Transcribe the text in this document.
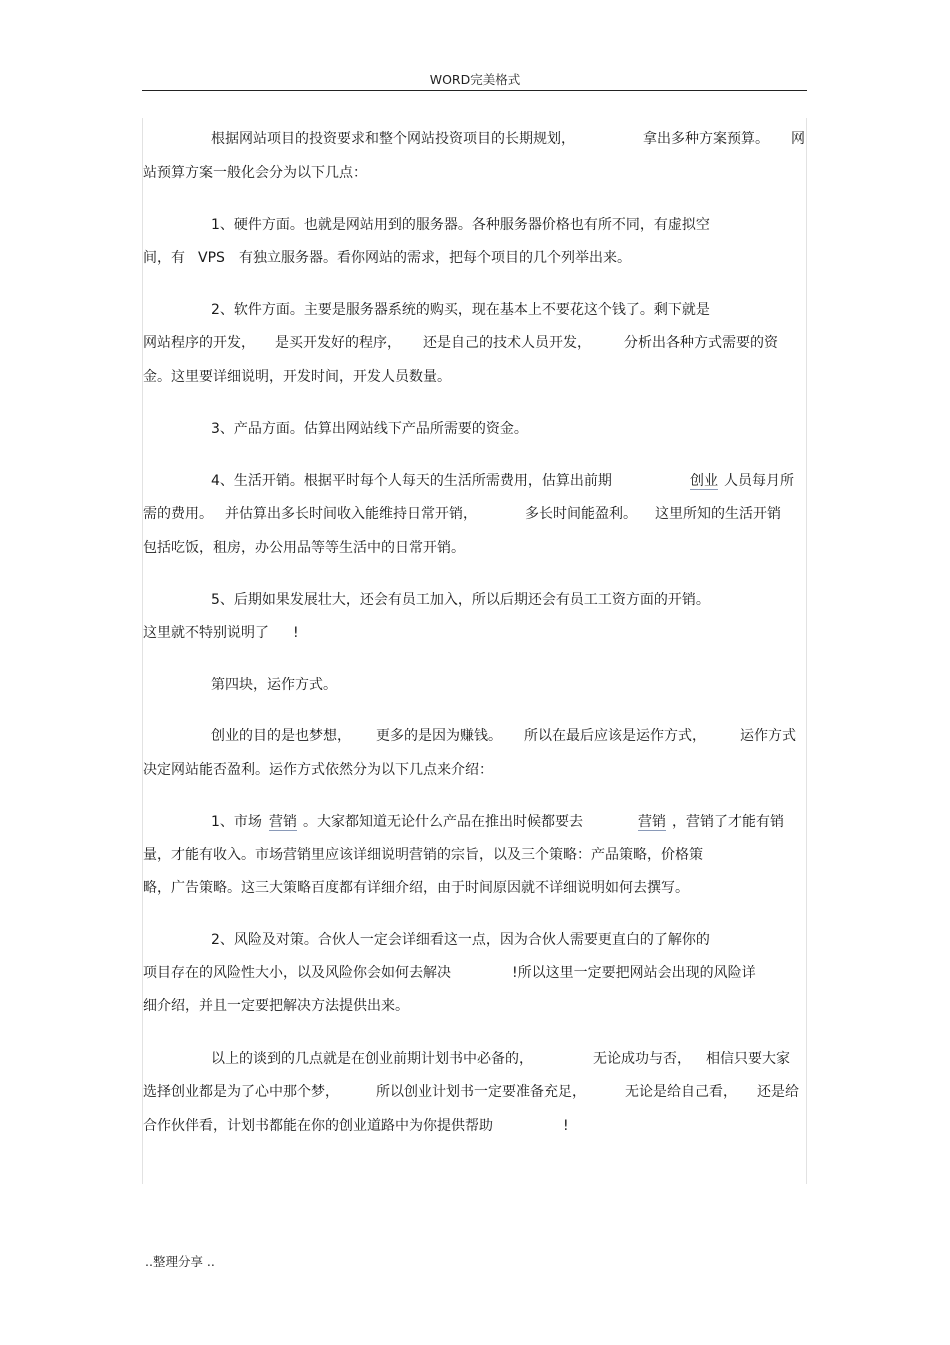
WORD完美格式
根据网站项目的投资要求和整个网站投资项目的长期规划，	拿出多种方案预算。 网
站预算方案一般化会分为以下几点：
1、硬件方面。也就是网站用到的服务器。各种服务器价格也有所不同，有虚拟空
间，有 VPS 有独立服务器。看你网站的需求，把每个项目的几个列举出来。
2、软件方面。主要是服务器系统的购买，现在基本上不要花这个钱了。剩下就是
网站程序的开发， 是买开发好的程序， 还是自己的技术人员开发， 分析出各种方式需要的资
金。这里要详细说明，开发时间，开发人员数量。
3、产品方面。估算出网站线下产品所需要的资金。
4、生活开销。根据平时每个人每天的生活所需费用，估算出前期	创业 人员每月所
需的费用。 并估算出多长时间收入能维持日常开销，	多长时间能盈利。 这里所知的生活开销
包括吃饭，租房，办公用品等等生活中的日常开销。
5、后期如果发展壮大，还会有员工加入，所以后期还会有员工工资方面的开销。
这里就不特别说明了 !
第四块，运作方式。
创业的目的是也梦想， 更多的是因为赚钱。 所以在最后应该是运作方式， 运作方式
决定网站能否盈利。运作方式依然分为以下几点来介绍：
1、市场 营销 。大家都知道无论什么产品在推出时候都要去	营销 ，营销了才能有销
量，才能有收入。市场营销里应该详细说明营销的宗旨，以及三个策略：产品策略，价格策
略，广告策略。这三大策略百度都有详细介绍，由于时间原因就不详细说明如何去撰写。
2、风险及对策。合伙人一定会详细看这一点，因为合伙人需要更直白的了解你的
项目存在的风险性大小，以及风险你会如何去解决	!所以这里一定要把网站会出现的风险详
细介绍，并且一定要把解决方法提供出来。
以上的谈到的几点就是在创业前期计划书中必备的，	无论成功与否， 相信只要大家
选择创业都是为了心中那个梦，	所以创业计划书一定要准备充足，	无论是给自己看， 还是给
合作伙伴看，计划书都能在你的创业道路中为你提供帮助	!
..整理分享 ..
